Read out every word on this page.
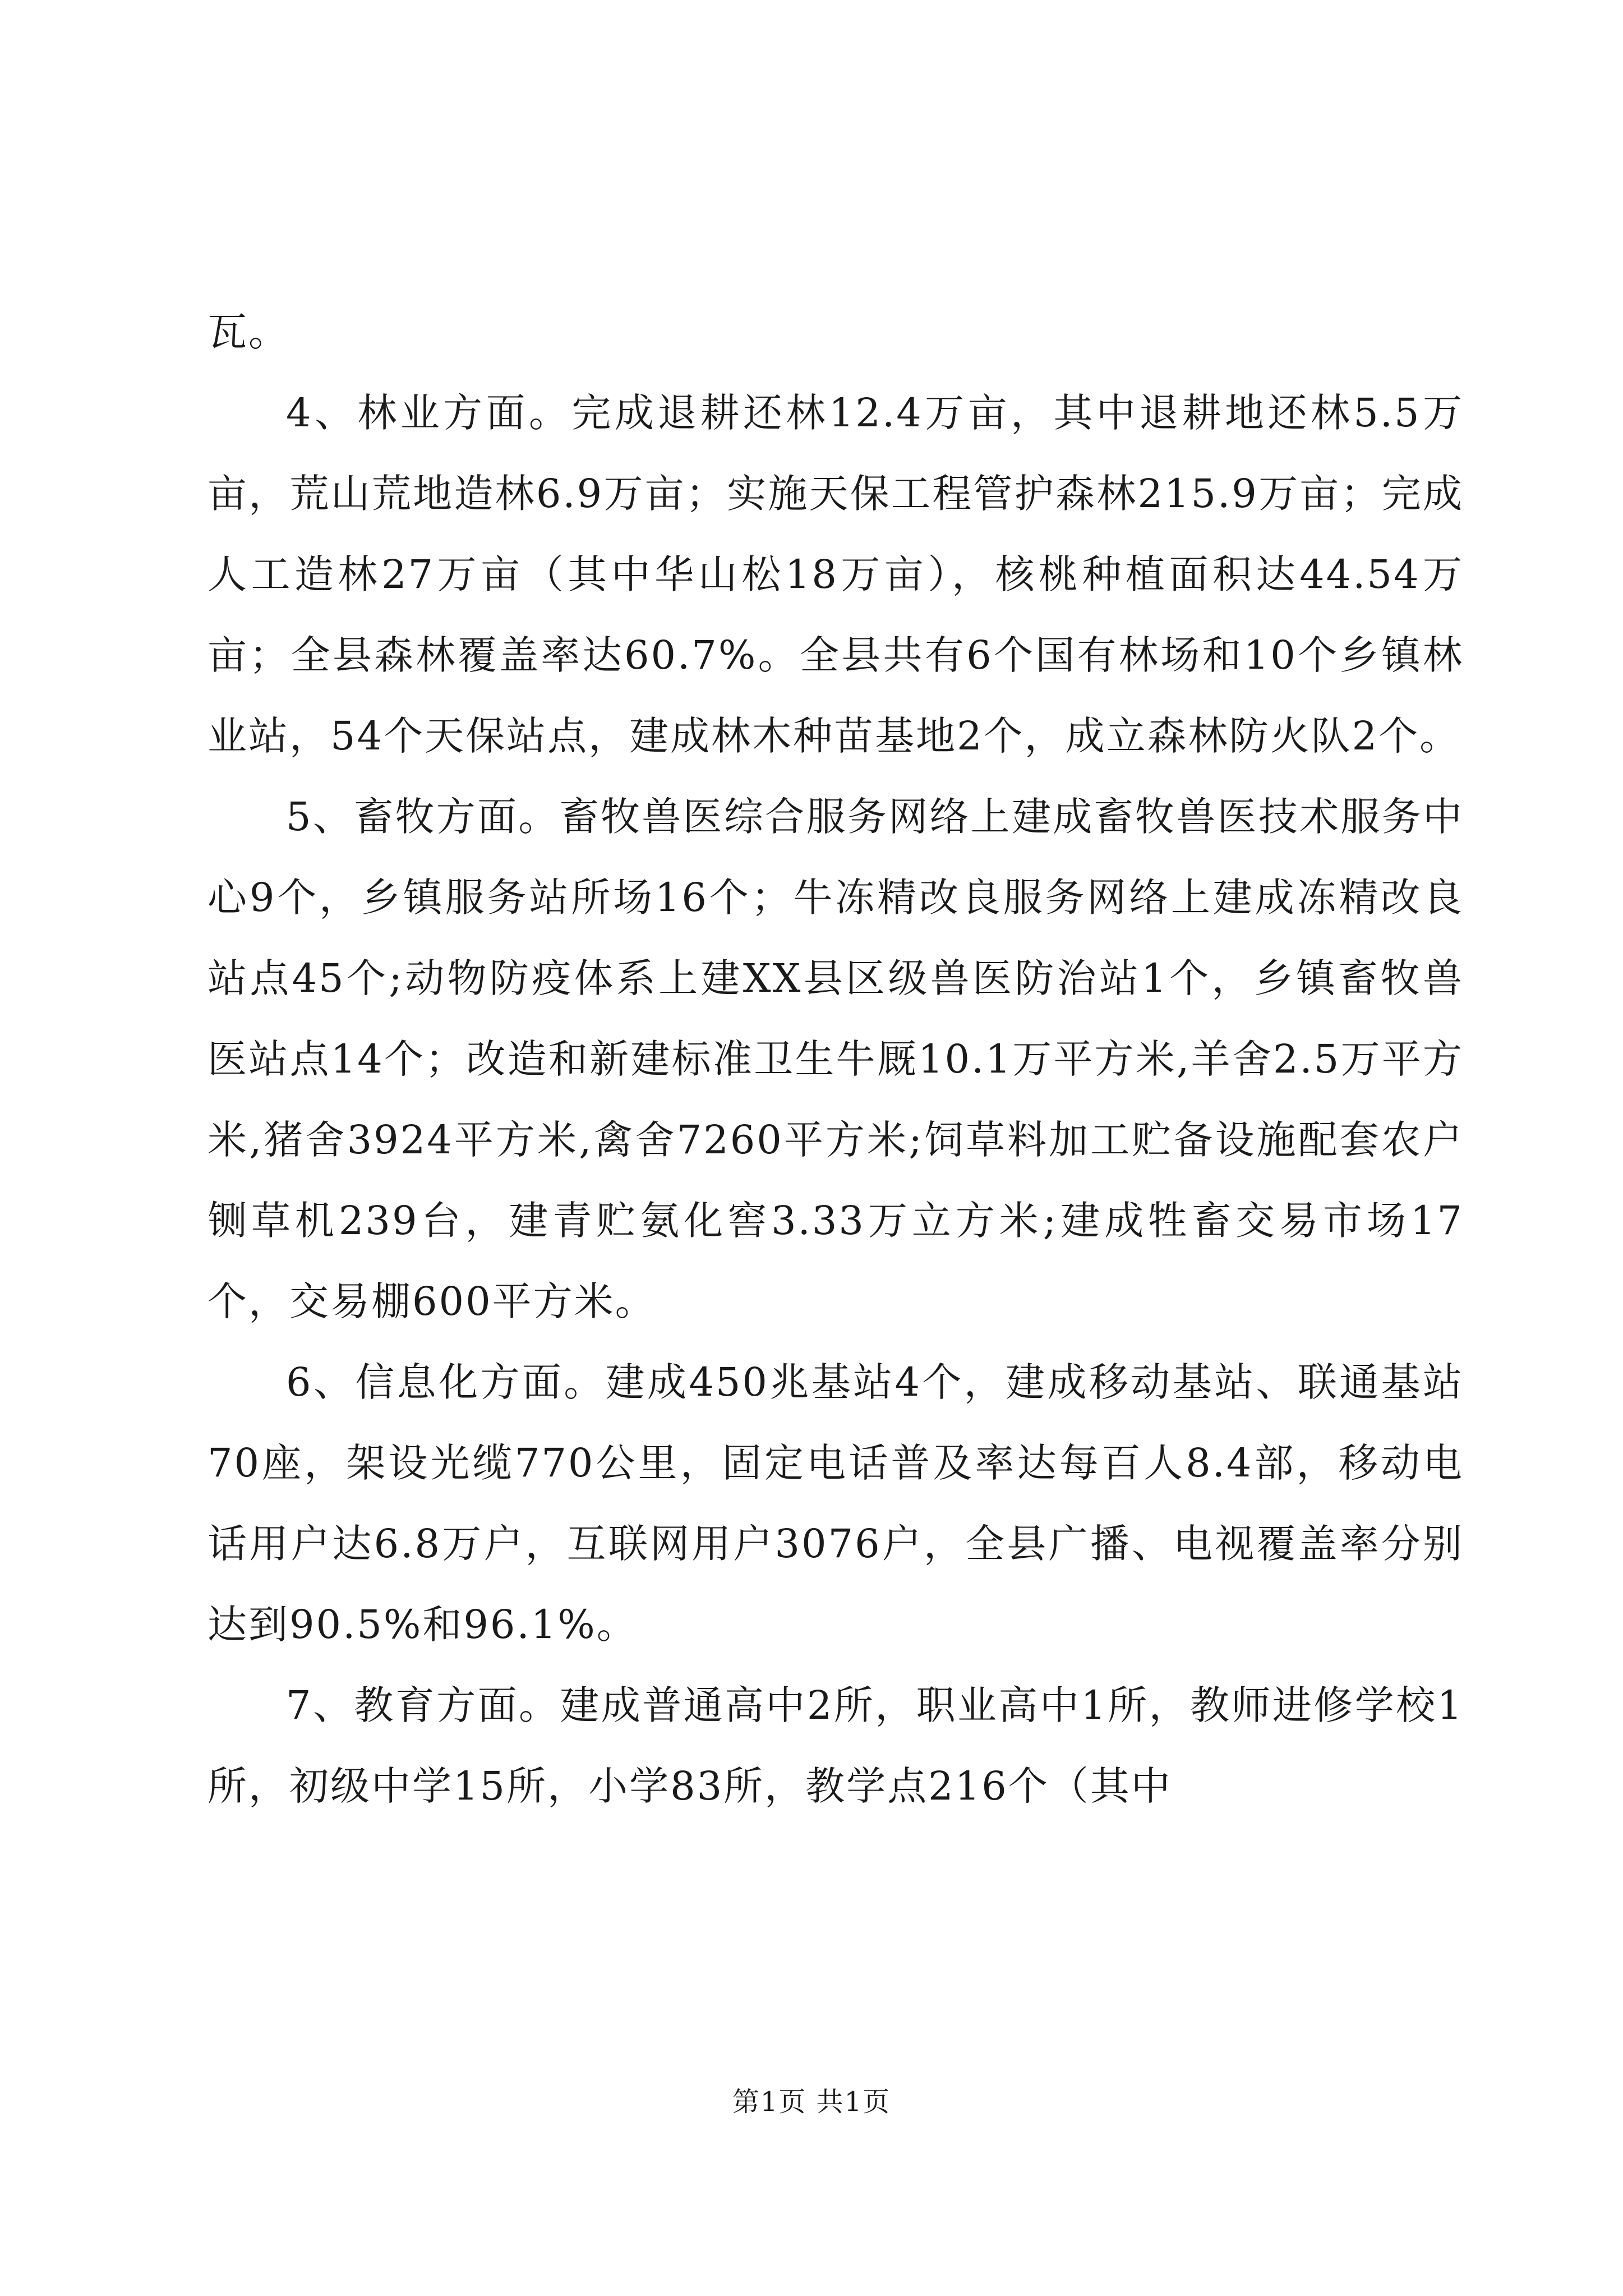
瓦。

4、林业方面。完成退耕还林12.4万亩，其中退耕地还林5.5万亩，荒山荒地造林6.9万亩；实施天保工程管护森林215.9万亩；完成人工造林27万亩（其中华山松18万亩），核桃种植面积达44.54万亩；全县森林覆盖率达60.7%。全县共有6个国有林场和10个乡镇林业站，54个天保站点，建成林木种苗基地2个，成立森林防火队2个。

5、畜牧方面。畜牧兽医综合服务网络上建成畜牧兽医技术服务中心9个，乡镇服务站所场16个；牛冻精改良服务网络上建成冻精改良站点45个;动物防疫体系上建XX县区级兽医防治站1个，乡镇畜牧兽医站点14个；改造和新建标准卫生牛厩10.1万平方米,羊舍2.5万平方米,猪舍3924平方米,禽舍7260平方米;饲草料加工贮备设施配套农户铡草机239台，建青贮氨化窖3.33万立方米;建成牲畜交易市场17个，交易棚600平方米。

6、信息化方面。建成450兆基站4个，建成移动基站、联通基站70座，架设光缆770公里，固定电话普及率达每百人8.4部，移动电话用户达6.8万户，互联网用户3076户，全县广播、电视覆盖率分别达到90.5%和96.1%。

7、教育方面。建成普通高中2所，职业高中1所，教师进修学校1所，初级中学15所，小学83所，教学点216个（其中

第1页 共1页
